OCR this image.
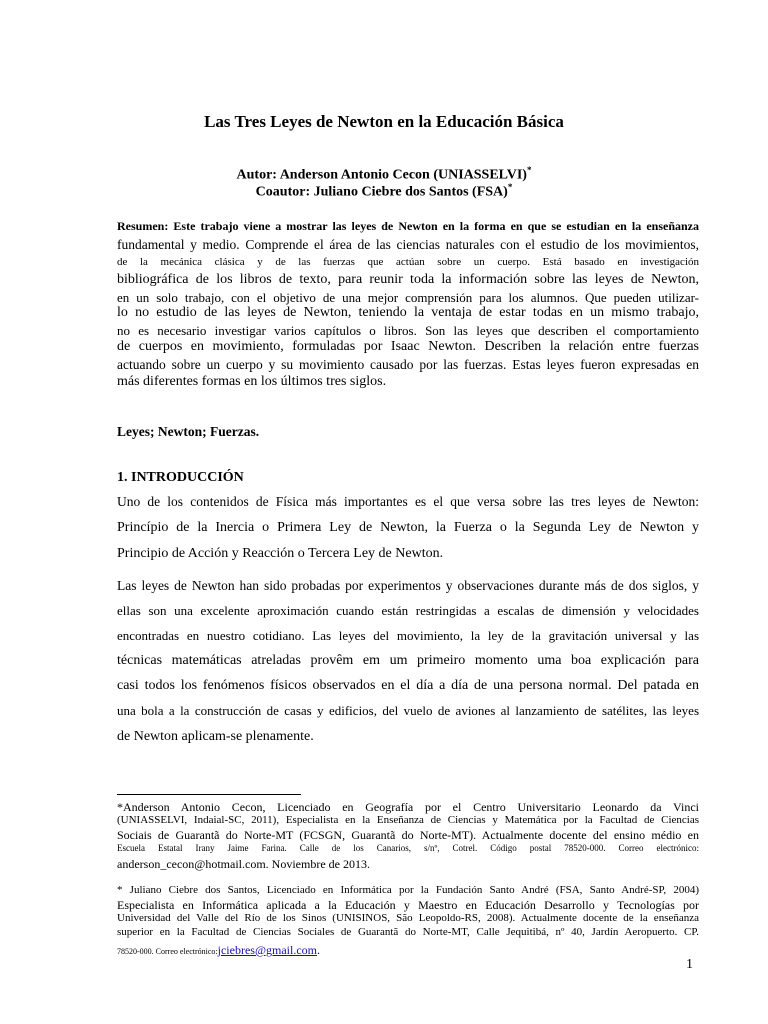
Las Tres Leyes de Newton en la Educación Básica
Autor: Anderson Antonio Cecon (UNIASSELVI)*
Coautor: Juliano Ciebre dos Santos (FSA)*
Resumen: Este trabajo viene a mostrar las leyes de Newton en la forma en que se estudian en la enseñanza
fundamental y medio. Comprende el área de las ciencias naturales con el estudio de los movimientos,
de la mecánica clásica y de las fuerzas que actúan sobre un cuerpo. Está basado en investigación
bibliográfica de los libros de texto, para reunir toda la información sobre las leyes de Newton,
en un solo trabajo, con el objetivo de una mejor comprensión para los alumnos. Que pueden utilizar-
lo no estudio de las leyes de Newton, teniendo la ventaja de estar todas en un mismo trabajo,
no es necesario investigar varios capítulos o libros. Son las leyes que describen el comportamiento
de cuerpos en movimiento, formuladas por Isaac Newton. Describen la relación entre fuerzas
actuando sobre un cuerpo y su movimiento causado por las fuerzas. Estas leyes fueron expresadas en
más diferentes formas en los últimos tres siglos.
Leyes; Newton; Fuerzas.
1. INTRODUCCIÓN
Uno de los contenidos de Física más importantes es el que versa sobre las tres leyes de Newton:
Princípio de la Inercia o Primera Ley de Newton, la Fuerza o la Segunda Ley de Newton y
Principio de Acción y Reacción o Tercera Ley de Newton.
Las leyes de Newton han sido probadas por experimentos y observaciones durante más de dos siglos, y
ellas son una excelente aproximación cuando están restringidas a escalas de dimensión y velocidades
encontradas en nuestro cotidiano. Las leyes del movimiento, la ley de la gravitación universal y las
técnicas matemáticas atreladas provêm em um primeiro momento uma boa explicación para
casi todos los fenómenos físicos observados en el día a día de una persona normal. Del patada en
una bola a la construcción de casas y edificios, del vuelo de aviones al lanzamiento de satélites, las leyes
de Newton aplicam-se plenamente.
*Anderson Antonio Cecon, Licenciado en Geografía por el Centro Universitario Leonardo da Vinci
(UNIASSELVI, Indaial-SC, 2011), Especialista en la Enseñanza de Ciencias y Matemática por la Facultad de Ciencias
Sociais de Guarantã do Norte-MT (FCSGN, Guarantã do Norte-MT). Actualmente docente del ensino médio en
Escuela Estatal Irany Jaime Farina. Calle de los Canarios, s/nº, Cotrel. Código postal 78520-000. Correo electrónico:
anderson_cecon@hotmail.com. Noviembre de 2013.
* Juliano Ciebre dos Santos, Licenciado en Informática por la Fundación Santo André (FSA, Santo André-SP, 2004)
Especialista en Informática aplicada a la Educación y Maestro en Educación Desarrollo y Tecnologías por
Universidad del Valle del Río de los Sinos (UNISINOS, São Leopoldo-RS, 2008). Actualmente docente de la enseñanza
superior en la Facultad de Ciencias Sociales de Guarantã do Norte-MT, Calle Jequitibá, nº 40, Jardín Aeropuerto. CP.
78520-000. Correo electrónico:jciebres@gmail.com.
1
